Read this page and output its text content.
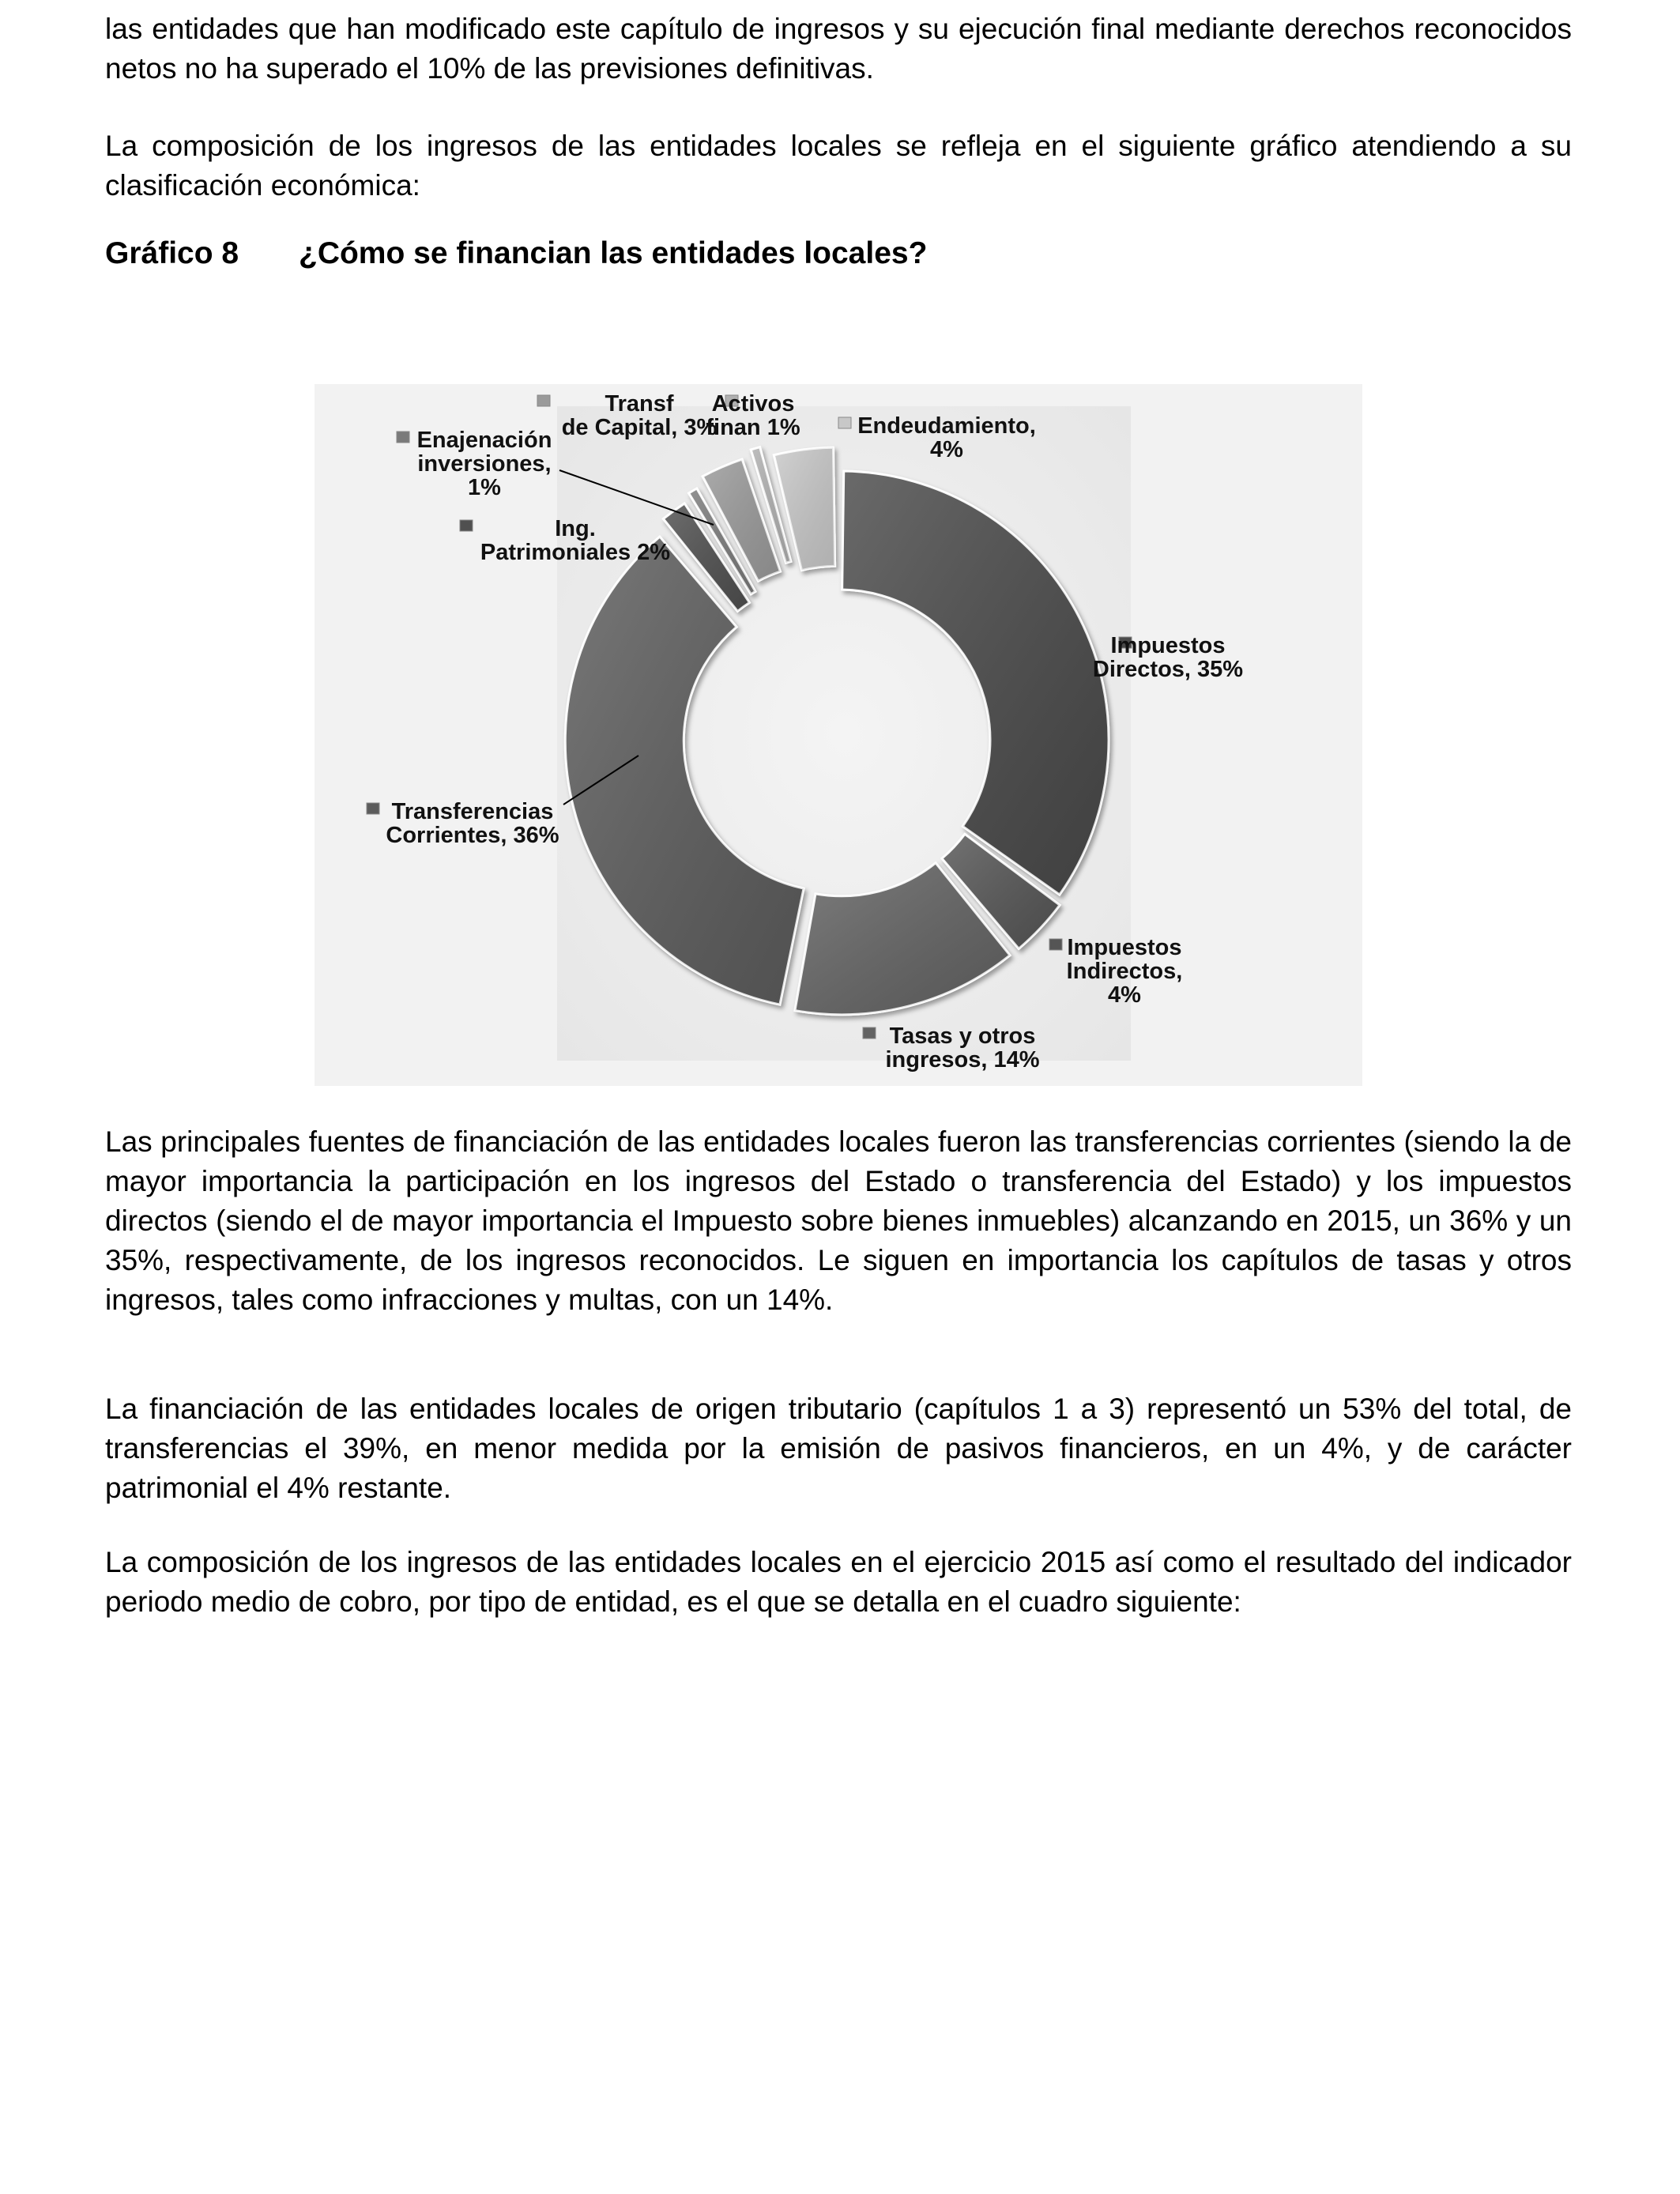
las entidades que han modificado este capítulo de ingresos y su ejecución final mediante derechos reconocidos netos no ha superado el 10% de las previsiones definitivas.

La composición de los ingresos de las entidades locales se refleja en el siguiente gráfico atendiendo a su clasificación económica:

Gráfico 8 ¿Cómo se financian las entidades locales?
Impuestos
Directos, 35%
Impuestos
Indirectos,
4%
Tasas y otros
ingresos, 14%
Transferencias
Corrientes, 36%
Ing.
Patrimoniales 2%
Enajenación
inversiones,
1%
Transf
de Capital, 3%
Activos
finan 1%	Endeudamiento,
4%

Las principales fuentes de financiación de las entidades locales fueron las transferencias corrientes (siendo la de mayor importancia la participación en los ingresos del Estado o transferencia del Estado) y los impuestos directos (siendo el de mayor importancia el Impuesto sobre bienes inmuebles) alcanzando en 2015, un 36% y un 35%, respectivamente, de los ingresos reconocidos. Le siguen en importancia los capítulos de tasas y otros ingresos, tales como infracciones y multas, con un 14%.

La financiación de las entidades locales de origen tributario (capítulos 1 a 3) representó un 53% del total, de transferencias el 39%, en menor medida por la emisión de pasivos financieros, en un 4%, y de carácter patrimonial el 4% restante.

La composición de los ingresos de las entidades locales en el ejercicio 2015 así como el resultado del indicador periodo medio de cobro, por tipo de entidad, es el que se detalla en el cuadro siguiente:
